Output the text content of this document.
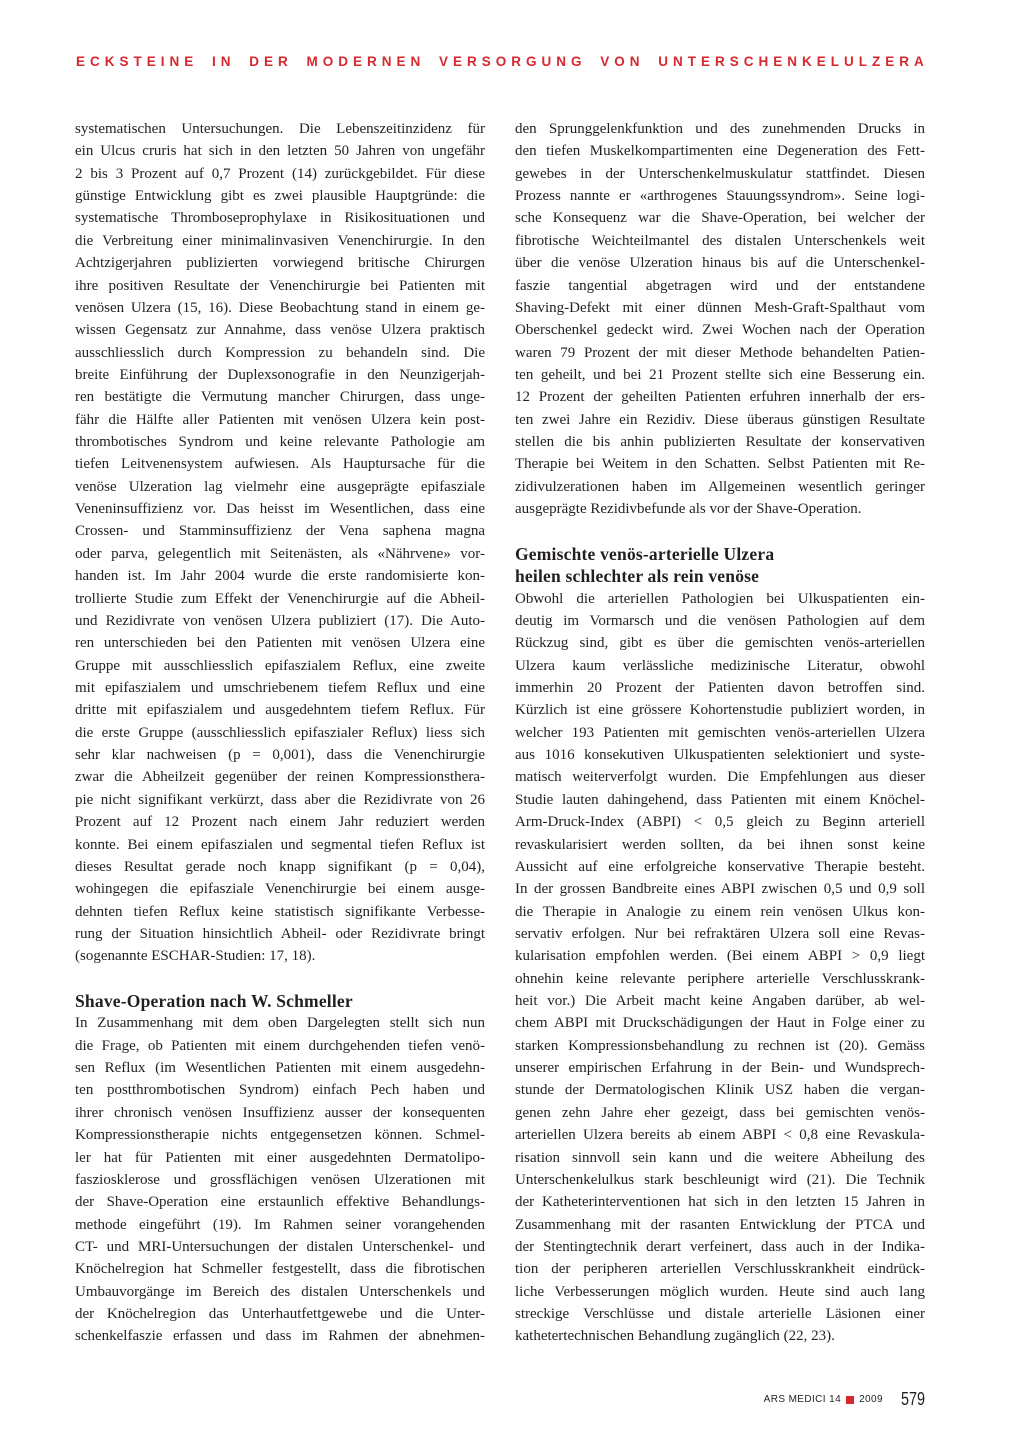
ECKSTEINE IN DER MODERNEN VERSORGUNG VON UNTERSCHENKELULZERA
systematischen Untersuchungen. Die Lebenszeitinzidenz für
ein Ulcus cruris hat sich in den letzten 50 Jahren von ungefähr
2 bis 3 Prozent auf 0,7 Prozent (14) zurückgebildet. Für diese
günstige Entwicklung gibt es zwei plausible Hauptgründe: die
systematische Thromboseprophylaxe in Risikosituationen und
die Verbreitung einer minimalinvasiven Venenchirurgie. In den
Achtzigerjahren publizierten vorwiegend britische Chirurgen
ihre positiven Resultate der Venenchirurgie bei Patienten mit
venösen Ulzera (15, 16). Diese Beobachtung stand in einem ge-
wissen Gegensatz zur Annahme, dass venöse Ulzera praktisch
ausschliesslich durch Kompression zu behandeln sind. Die
breite Einführung der Duplexsonografie in den Neunzigerjah-
ren bestätigte die Vermutung mancher Chirurgen, dass unge-
fähr die Hälfte aller Patienten mit venösen Ulzera kein post-
thrombotisches Syndrom und keine relevante Pathologie am
tiefen Leitvenensystem aufwiesen. Als Hauptursache für die
venöse Ulzeration lag vielmehr eine ausgeprägte epifasziale
Veneninsuffizienz vor. Das heisst im Wesentlichen, dass eine
Crossen- und Stamminsuffizienz der Vena saphena magna
oder parva, gelegentlich mit Seitenästen, als «Nährvene» vor-
handen ist. Im Jahr 2004 wurde die erste randomisierte kon-
trollierte Studie zum Effekt der Venenchirurgie auf die Abheil-
und Rezidivrate von venösen Ulzera publiziert (17). Die Auto-
ren unterschieden bei den Patienten mit venösen Ulzera eine
Gruppe mit ausschliesslich epifaszialem Reflux, eine zweite
mit epifaszialem und umschriebenem tiefem Reflux und eine
dritte mit epifaszialem und ausgedehntem tiefem Reflux. Für
die erste Gruppe (ausschliesslich epifaszialer Reflux) liess sich
sehr klar nachweisen (p = 0,001), dass die Venenchirurgie
zwar die Abheilzeit gegenüber der reinen Kompressionsthera-
pie nicht signifikant verkürzt, dass aber die Rezidivrate von 26
Prozent auf 12 Prozent nach einem Jahr reduziert werden
konnte. Bei einem epifaszialen und segmental tiefen Reflux ist
dieses Resultat gerade noch knapp signifikant (p = 0,04),
wohingegen die epifasziale Venenchirurgie bei einem ausge-
dehnten tiefen Reflux keine statistisch signifikante Verbesse-
rung der Situation hinsichtlich Abheil- oder Rezidivrate bringt
(sogenannte ESCHAR-Studien: 17, 18).
Shave-Operation nach W. Schmeller
In Zusammenhang mit dem oben Dargelegten stellt sich nun
die Frage, ob Patienten mit einem durchgehenden tiefen venö-
sen Reflux (im Wesentlichen Patienten mit einem ausgedehn-
ten postthrombotischen Syndrom) einfach Pech haben und
ihrer chronisch venösen Insuffizienz ausser der konsequenten
Kompressionstherapie nichts entgegensetzen können. Schmel-
ler hat für Patienten mit einer ausgedehnten Dermatolipo-
fasziosklerose und grossflächigen venösen Ulzerationen mit
der Shave-Operation eine erstaunlich effektive Behandlungs-
methode eingeführt (19). Im Rahmen seiner vorangehenden
CT- und MRI-Untersuchungen der distalen Unterschenkel- und
Knöchelregion hat Schmeller festgestellt, dass die fibrotischen
Umbauvorgänge im Bereich des distalen Unterschenkels und
der Knöchelregion das Unterhautfettgewebe und die Unter-
schenkelfaszie erfassen und dass im Rahmen der abnehmen-
den Sprunggelenkfunktion und des zunehmenden Drucks in
den tiefen Muskelkompartimenten eine Degeneration des Fett-
gewebes in der Unterschenkelmuskulatur stattfindet. Diesen
Prozess nannte er «arthrogenes Stauungssyndrom». Seine logi-
sche Konsequenz war die Shave-Operation, bei welcher der
fibrotische Weichteilmantel des distalen Unterschenkels weit
über die venöse Ulzeration hinaus bis auf die Unterschenkel-
faszie tangential abgetragen wird und der entstandene
Shaving-Defekt mit einer dünnen Mesh-Graft-Spalthaut vom
Oberschenkel gedeckt wird. Zwei Wochen nach der Operation
waren 79 Prozent der mit dieser Methode behandelten Patien-
ten geheilt, und bei 21 Prozent stellte sich eine Besserung ein.
12 Prozent der geheilten Patienten erfuhren innerhalb der ers-
ten zwei Jahre ein Rezidiv. Diese überaus günstigen Resultate
stellen die bis anhin publizierten Resultate der konservativen
Therapie bei Weitem in den Schatten. Selbst Patienten mit Re-
zidivulzerationen haben im Allgemeinen wesentlich geringer
ausgeprägte Rezidivbefunde als vor der Shave-Operation.
Gemischte venös-arterielle Ulzera
heilen schlechter als rein venöse
Obwohl die arteriellen Pathologien bei Ulkuspatienten ein-
deutig im Vormarsch und die venösen Pathologien auf dem
Rückzug sind, gibt es über die gemischten venös-arteriellen
Ulzera kaum verlässliche medizinische Literatur, obwohl
immerhin 20 Prozent der Patienten davon betroffen sind.
Kürzlich ist eine grössere Kohortenstudie publiziert worden, in
welcher 193 Patienten mit gemischten venös-arteriellen Ulzera
aus 1016 konsekutiven Ulkuspatienten selektioniert und syste-
matisch weiterverfolgt wurden. Die Empfehlungen aus dieser
Studie lauten dahingehend, dass Patienten mit einem Knöchel-
Arm-Druck-Index (ABPI) < 0,5 gleich zu Beginn arteriell
revaskularisiert werden sollten, da bei ihnen sonst keine
Aussicht auf eine erfolgreiche konservative Therapie besteht.
In der grossen Bandbreite eines ABPI zwischen 0,5 und 0,9 soll
die Therapie in Analogie zu einem rein venösen Ulkus kon-
servativ erfolgen. Nur bei refraktären Ulzera soll eine Revas-
kularisation empfohlen werden. (Bei einem ABPI > 0,9 liegt
ohnehin keine relevante periphere arterielle Verschlusskrank-
heit vor.) Die Arbeit macht keine Angaben darüber, ab wel-
chem ABPI mit Druckschädigungen der Haut in Folge einer zu
starken Kompressionsbehandlung zu rechnen ist (20). Gemäss
unserer empirischen Erfahrung in der Bein- und Wundsprech-
stunde der Dermatologischen Klinik USZ haben die vergan-
genen zehn Jahre eher gezeigt, dass bei gemischten venös-
arteriellen Ulzera bereits ab einem ABPI < 0,8 eine Revaskula-
risation sinnvoll sein kann und die weitere Abheilung des
Unterschenkelulkus stark beschleunigt wird (21). Die Technik
der Katheterinterventionen hat sich in den letzten 15 Jahren in
Zusammenhang mit der rasanten Entwicklung der PTCA und
der Stentingtechnik derart verfeinert, dass auch in der Indika-
tion der peripheren arteriellen Verschlusskrankheit eindrück-
liche Verbesserungen möglich wurden. Heute sind auch lang
streckige Verschlüsse und distale arterielle Läsionen einer
kathetertechnischen Behandlung zugänglich (22, 23).
ARS MEDICI 14 2009 579
